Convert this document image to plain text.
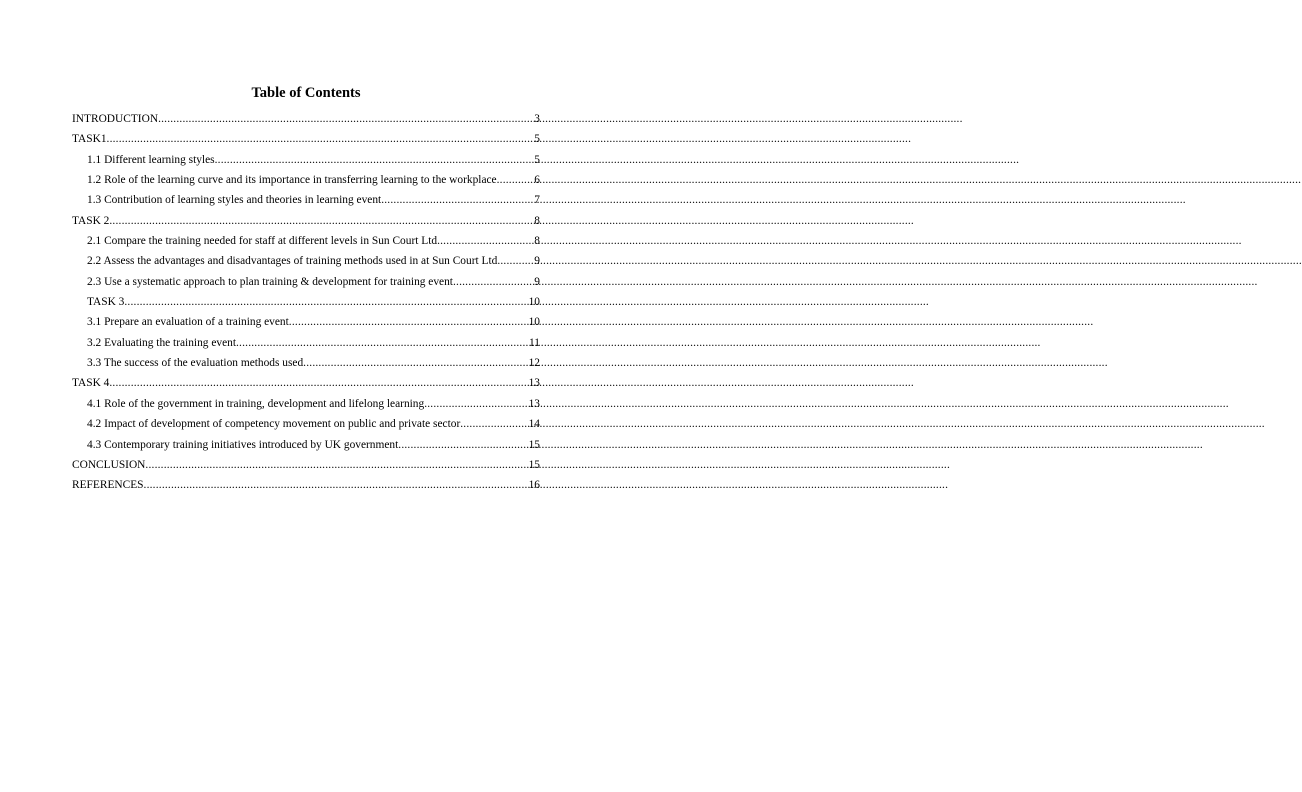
Table of Contents
INTRODUCTION .....	3
TASK1 .....	5
1.1 Different learning styles .....	5
1.2 Role of the learning curve and its importance in transferring learning to the workplace .....	6
1.3 Contribution of learning styles and theories in learning event .....	7
TASK 2 .....	8
2.1 Compare the training needed for staff at different levels in Sun Court Ltd .....	8
2.2 Assess the advantages and disadvantages of training methods used in at Sun Court Ltd .....	9
2.3 Use a systematic approach to plan training & development for training event .....	9
TASK 3 .....	10
3.1 Prepare an evaluation of a training event .....	10
3.2 Evaluating the training event .....	11
3.3 The success of the evaluation methods used .....	12
TASK 4 .....	13
4.1 Role of the government in training, development and lifelong learning .....	13
4.2 Impact of development of competency movement on public and private sector .....	14
4.3 Contemporary training initiatives introduced by UK government .....	15
CONCLUSION .....	15
REFERENCES .....	16
